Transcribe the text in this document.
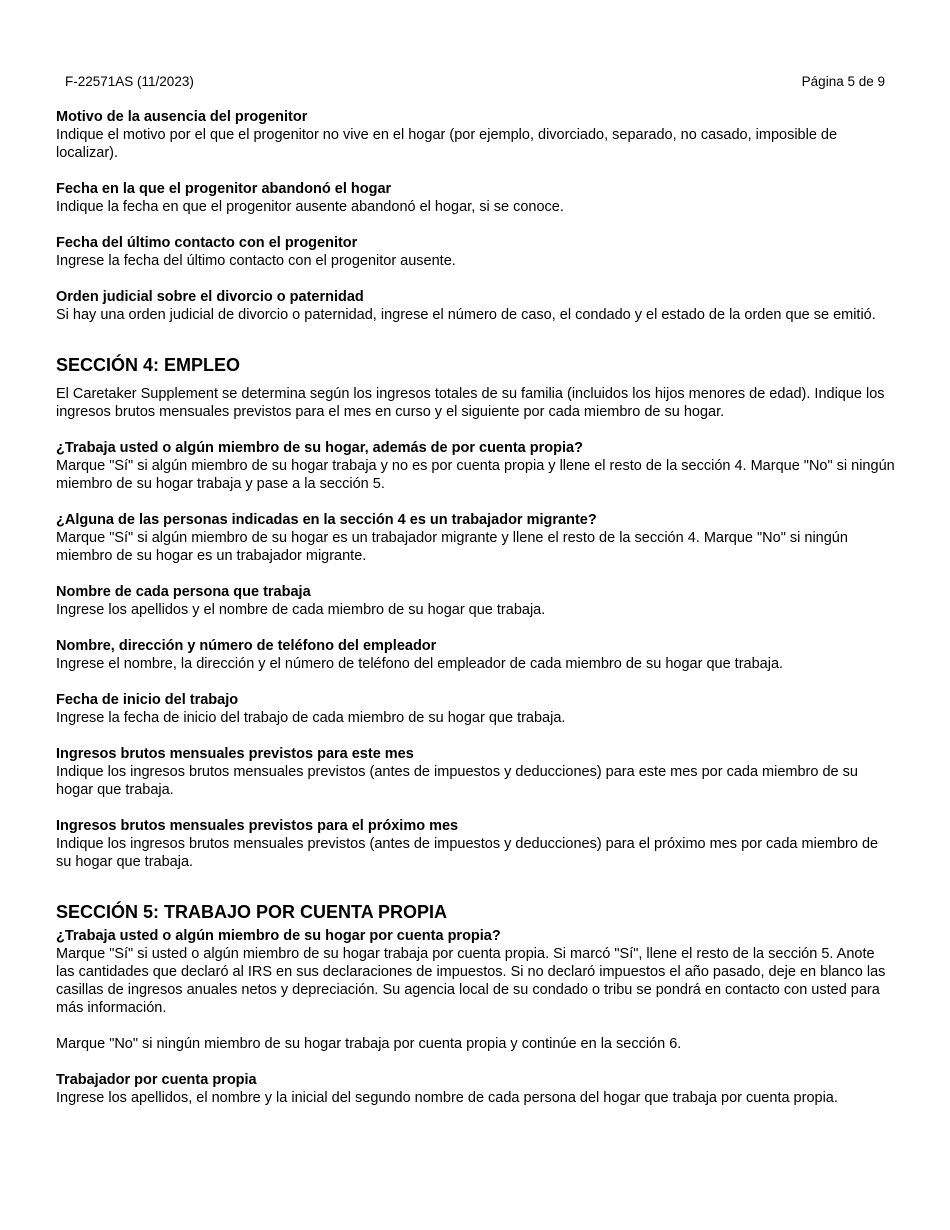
F-22571AS (11/2023)	Página 5 de 9

Motivo de la ausencia del progenitor

Indique el motivo por el que el progenitor no vive en el hogar (por ejemplo, divorciado, separado, no casado, imposible de localizar).

Fecha en la que el progenitor abandonó el hogar

Indique la fecha en que el progenitor ausente abandonó el hogar, si se conoce.

Fecha del último contacto con el progenitor

Ingrese la fecha del último contacto con el progenitor ausente.

Orden judicial sobre el divorcio o paternidad

Si hay una orden judicial de divorcio o paternidad, ingrese el número de caso, el condado y el estado de la orden que se emitió.

SECCIÓN 4: EMPLEO

El Caretaker Supplement se determina según los ingresos totales de su familia (incluidos los hijos menores de edad). Indique los ingresos brutos mensuales previstos para el mes en curso y el siguiente por cada miembro de su hogar.

¿Trabaja usted o algún miembro de su hogar, además de por cuenta propia?

Marque "Sí" si algún miembro de su hogar trabaja y no es por cuenta propia y llene el resto de la sección 4. Marque "No" si ningún miembro de su hogar trabaja y pase a la sección 5.

¿Alguna de las personas indicadas en la sección 4 es un trabajador migrante?

Marque "Sí" si algún miembro de su hogar es un trabajador migrante y llene el resto de la sección 4. Marque "No" si ningún miembro de su hogar es un trabajador migrante.

Nombre de cada persona que trabaja

Ingrese los apellidos y el nombre de cada miembro de su hogar que trabaja.

Nombre, dirección y número de teléfono del empleador

Ingrese el nombre, la dirección y el número de teléfono del empleador de cada miembro de su hogar que trabaja.

Fecha de inicio del trabajo

Ingrese la fecha de inicio del trabajo de cada miembro de su hogar que trabaja.

Ingresos brutos mensuales previstos para este mes

Indique los ingresos brutos mensuales previstos (antes de impuestos y deducciones) para este mes por cada miembro de su hogar que trabaja.

Ingresos brutos mensuales previstos para el próximo mes

Indique los ingresos brutos mensuales previstos (antes de impuestos y deducciones) para el próximo mes por cada miembro de su hogar que trabaja.

SECCIÓN 5: TRABAJO POR CUENTA PROPIA

¿Trabaja usted o algún miembro de su hogar por cuenta propia?

Marque "Sí" si usted o algún miembro de su hogar trabaja por cuenta propia. Si marcó "Sí", llene el resto de la sección 5. Anote las cantidades que declaró al IRS en sus declaraciones de impuestos. Si no declaró impuestos el año pasado, deje en blanco las casillas de ingresos anuales netos y depreciación. Su agencia local de su condado o tribu se pondrá en contacto con usted para más información.

Marque "No" si ningún miembro de su hogar trabaja por cuenta propia y continúe en la sección 6.

Trabajador por cuenta propia

Ingrese los apellidos, el nombre y la inicial del segundo nombre de cada persona del hogar que trabaja por cuenta propia.
